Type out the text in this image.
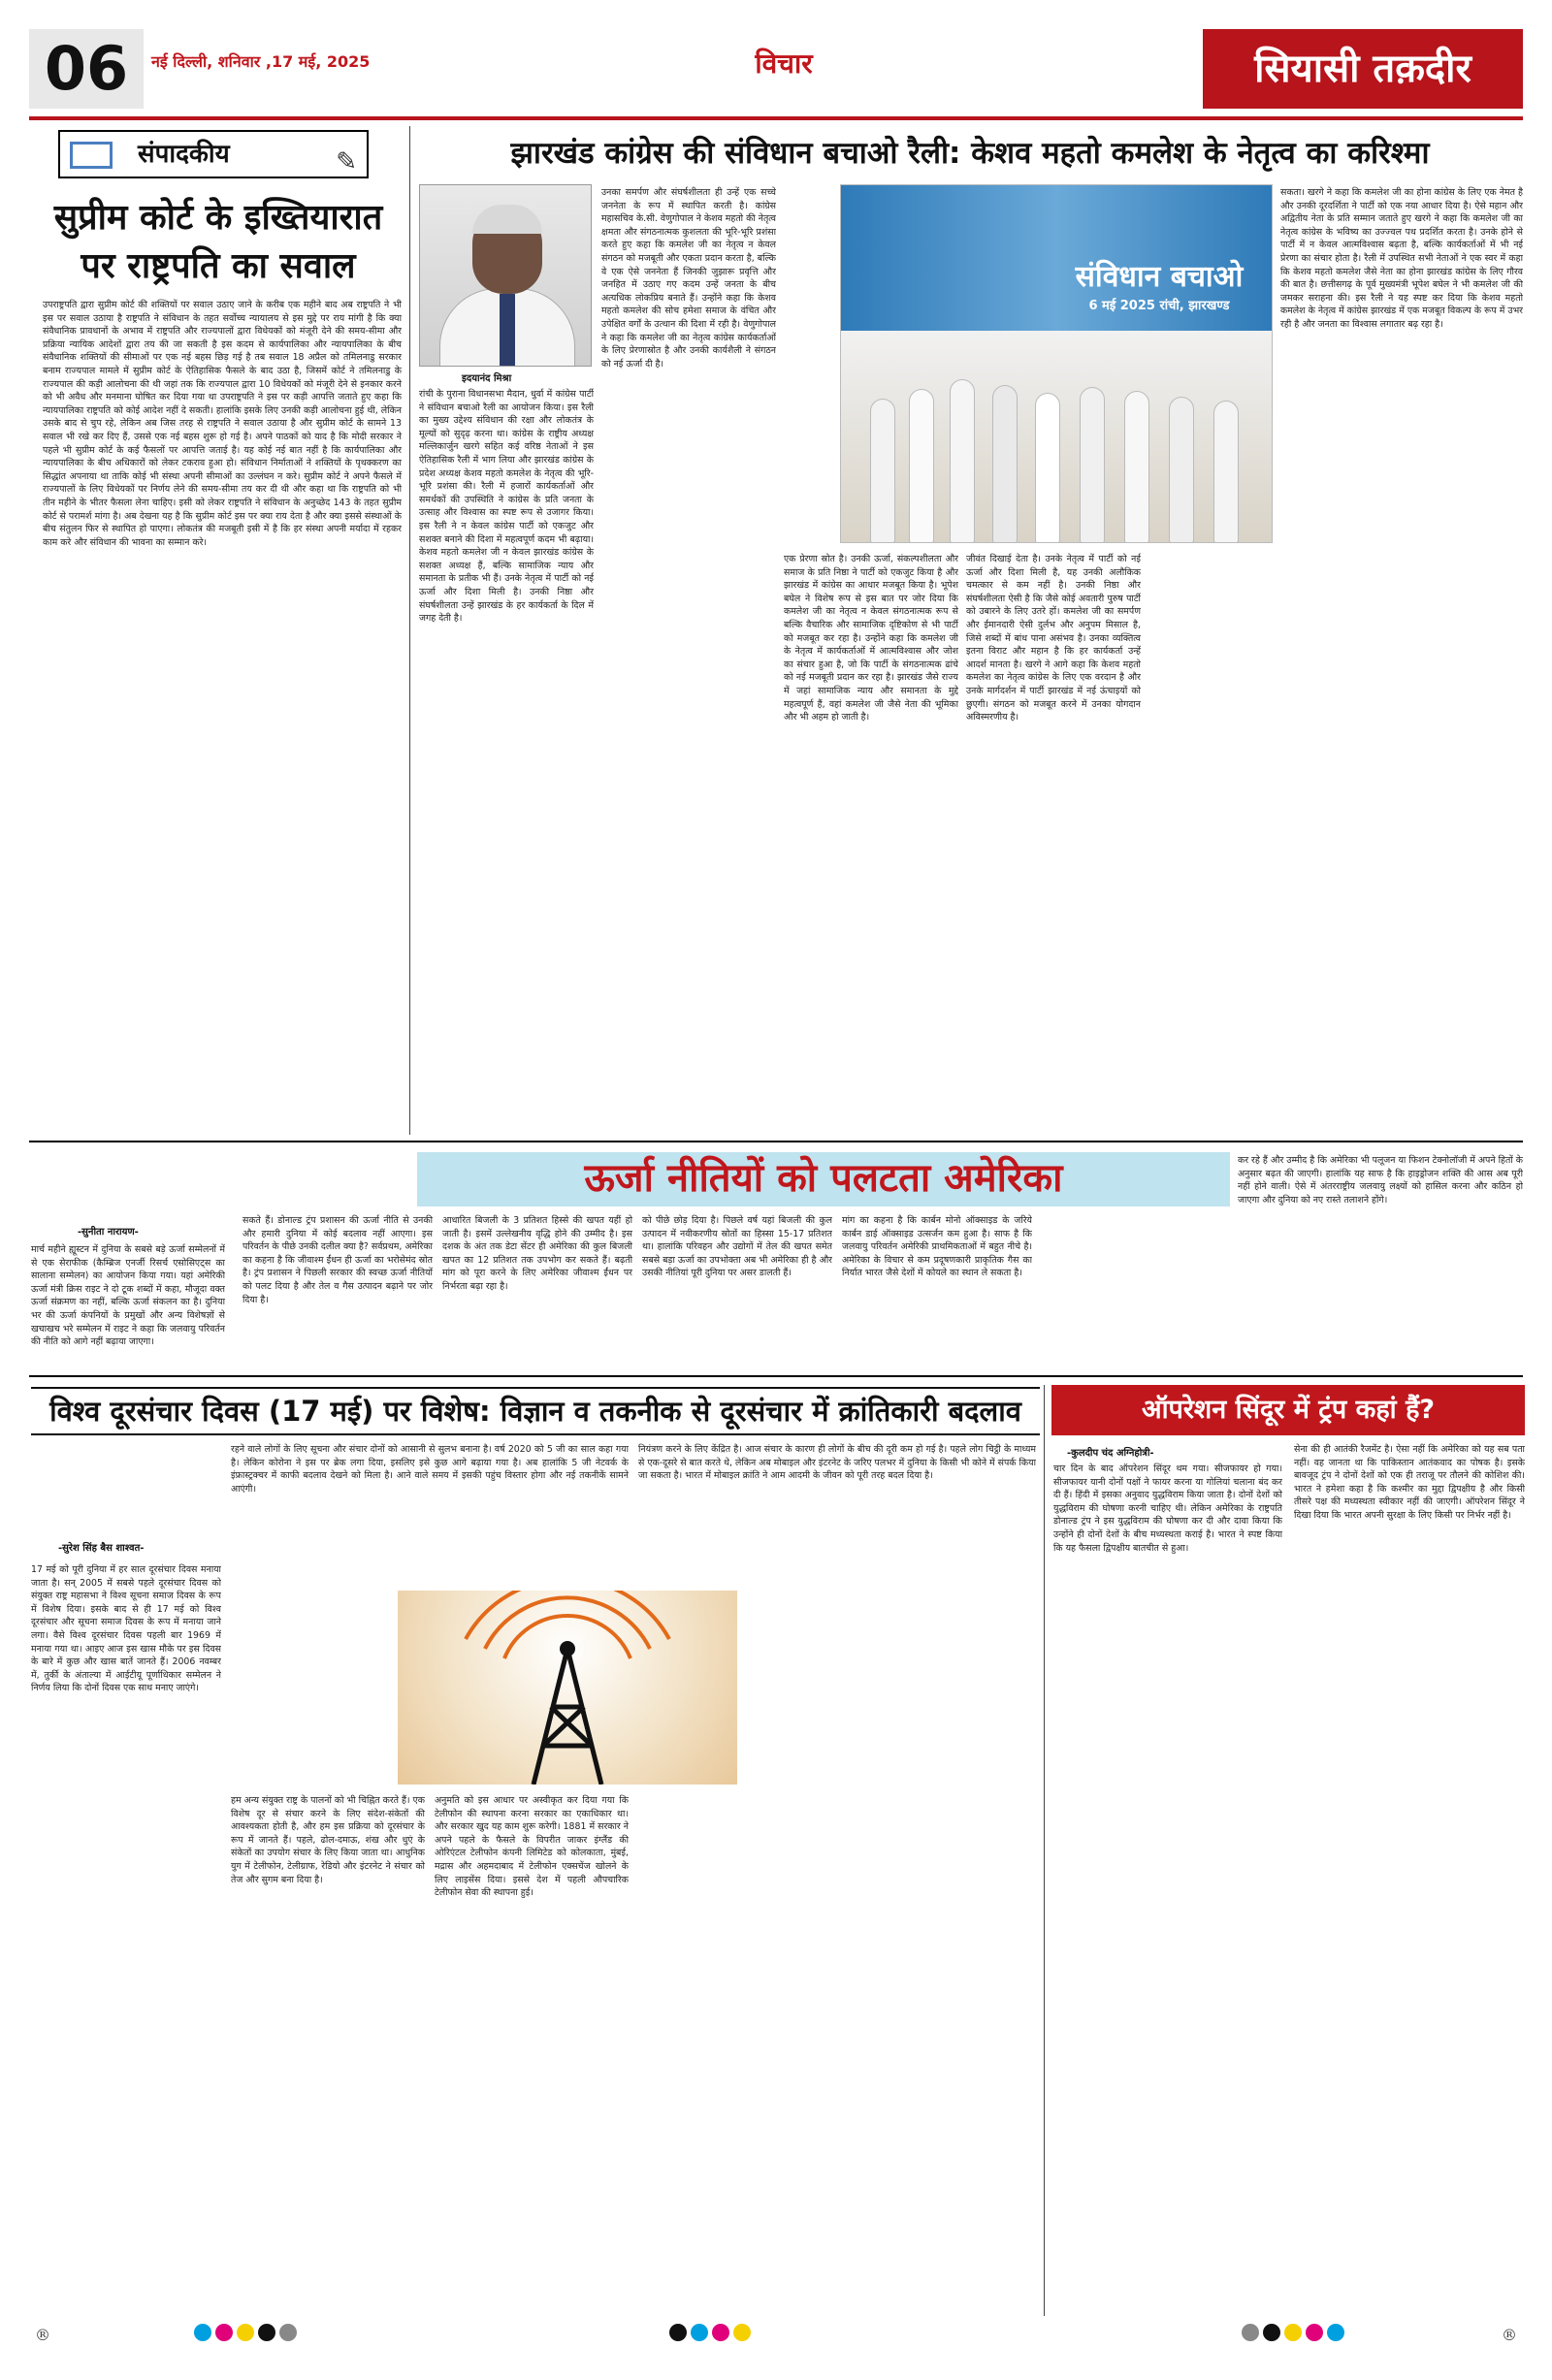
06	नई दिल्ली, शनिवार ,17 मई, 2025	विचार	सियासी तक़दीर
संपादकीय	✎
सुप्रीम कोर्ट के इख्तियारात पर राष्ट्रपति का सवाल
उपराष्ट्रपति द्वारा सुप्रीम कोर्ट की शक्तियों पर सवाल उठाए जाने के करीब एक महीने बाद अब राष्ट्रपति ने भी इस पर सवाल उठाया है राष्ट्रपति ने संविधान के तहत सर्वोच्च न्यायालय से इस मुद्दे पर राय मांगी है कि क्या संवैधानिक प्रावधानों के अभाव में राष्ट्रपति और राज्यपालों द्वारा विधेयकों को मंजूरी देने की समय-सीमा और प्रक्रिया न्यायिक आदेशों द्वारा तय की जा सकती है इस कदम से कार्यपालिका और न्यायपालिका के बीच संवैधानिक शक्तियों की सीमाओं पर एक नई बहस छिड़ गई है तब सवाल 18 अप्रैल को तमिलनाडु सरकार बनाम राज्यपाल मामले में सुप्रीम कोर्ट के ऐतिहासिक फैसले के बाद उठा है, जिसमें कोर्ट ने तमिलनाडु के राज्यपाल की कड़ी आलोचना की थी जहां तक कि राज्यपाल द्वारा 10 विधेयकों को मंजूरी देने से इनकार करने को भी अवैध और मनमाना घोषित कर दिया गया था उपराष्ट्रपति ने इस पर कड़ी आपत्ति जताते हुए कहा कि न्यायपालिका राष्ट्रपति को कोई आदेश नहीं दे सकती। हालांकि इसके लिए उनकी कड़ी आलोचना हुई थी, लेकिन उसके बाद से चुप रहे, लेकिन अब जिस तरह से राष्ट्रपति ने सवाल उठाया है और सुप्रीम कोर्ट के सामने 13 सवाल भी रखे कर दिए हैं, उससे एक नई बहस शुरू हो गई है। अपने पाठकों को याद है कि मोदी सरकार ने पहले भी सुप्रीम कोर्ट के कई फैसलों पर आपत्ति जताई है। यह कोई नई बात नहीं है कि कार्यपालिका और न्यायपालिका के बीच अधिकारों को लेकर टकराव हुआ हो। संविधान निर्माताओं ने शक्तियों के पृथक्करण का सिद्धांत अपनाया था ताकि कोई भी संस्था अपनी सीमाओं का उल्लंघन न करे। सुप्रीम कोर्ट ने अपने फैसले में राज्यपालों के लिए विधेयकों पर निर्णय लेने की समय-सीमा तय कर दी थी और कहा था कि राष्ट्रपति को भी तीन महीने के भीतर फैसला लेना चाहिए। इसी को लेकर राष्ट्रपति ने संविधान के अनुच्छेद 143 के तहत सुप्रीम कोर्ट से परामर्श मांगा है। अब देखना यह है कि सुप्रीम कोर्ट इस पर क्या राय देता है और क्या इससे संस्थाओं के बीच संतुलन फिर से स्थापित हो पाएगा। लोकतंत्र की मजबूती इसी में है कि हर संस्था अपनी मर्यादा में रहकर काम करे और संविधान की भावना का सम्मान करे।
झारखंड कांग्रेस की संविधान बचाओ रैली: केशव महतो कमलेश के नेतृत्व का करिश्मा
इदयानंद मिश्रा
रांची के पुराना विधानसभा मैदान, धुर्वा में कांग्रेस पार्टी ने संविधान बचाओ रैली का आयोजन किया। इस रैली का मुख्य उद्देश्य संविधान की रक्षा और लोकतंत्र के मूल्यों को सुदृढ़ करना था। कांग्रेस के राष्ट्रीय अध्यक्ष मल्लिकार्जुन खरगे सहित कई वरिष्ठ नेताओं ने इस ऐतिहासिक रैली में भाग लिया और झारखंड कांग्रेस के प्रदेश अध्यक्ष केशव महतो कमलेश के नेतृत्व की भूरि-भूरि प्रशंसा की। रैली में हजारों कार्यकर्ताओं और समर्थकों की उपस्थिति ने कांग्रेस के प्रति जनता के उत्साह और विश्वास का स्पष्ट रूप से उजागर किया। इस रैली ने न केवल कांग्रेस पार्टी को एकजुट और सशक्त बनाने की दिशा में महत्वपूर्ण कदम भी बढ़ाया। केशव महतो कमलेश जी न केवल झारखंड कांग्रेस के सशक्त अध्यक्ष हैं, बल्कि सामाजिक न्याय और समानता के प्रतीक भी हैं। उनके नेतृत्व में पार्टी को नई ऊर्जा और दिशा मिली है। उनकी निष्ठा और संघर्षशीलता उन्हें झारखंड के हर कार्यकर्ता के दिल में जगह देती है।
उनका समर्पण और संघर्षशीलता ही उन्हें एक सच्चे जननेता के रूप में स्थापित करती है। कांग्रेस महासचिव के.सी. वेणुगोपाल ने केशव महतो की नेतृत्व क्षमता और संगठनात्मक कुशलता की भूरि-भूरि प्रशंसा करते हुए कहा कि कमलेश जी का नेतृत्व न केवल संगठन को मजबूती और एकता प्रदान करता है, बल्कि वे एक ऐसे जननेता हैं जिनकी जुझारू प्रवृत्ति और जनहित में उठाए गए कदम उन्हें जनता के बीच अत्यधिक लोकप्रिय बनाते हैं। उन्होंने कहा कि केशव महतो कमलेश की सोच हमेशा समाज के वंचित और उपेक्षित वर्गों के उत्थान की दिशा में रही है। वेणुगोपाल ने कहा कि कमलेश जी का नेतृत्व कांग्रेस कार्यकर्ताओं के लिए प्रेरणास्रोत है और उनकी कार्यशैली ने संगठन को नई ऊर्जा दी है।
संविधान बचाओ
6 मई 2025 रांची, झारखण्ड
एक प्रेरणा स्रोत है। उनकी ऊर्जा, संकल्पशीलता और समाज के प्रति निष्ठा ने पार्टी को एकजुट किया है और झारखंड में कांग्रेस का आधार मजबूत किया है। भूपेश बघेल ने विशेष रूप से इस बात पर जोर दिया कि कमलेश जी का नेतृत्व न केवल संगठनात्मक रूप से बल्कि वैचारिक और सामाजिक दृष्टिकोण से भी पार्टी को मजबूत कर रहा है। उन्होंने कहा कि कमलेश जी के नेतृत्व में कार्यकर्ताओं में आत्मविश्वास और जोश का संचार हुआ है, जो कि पार्टी के संगठनात्मक ढांचे को नई मजबूती प्रदान कर रहा है। झारखंड जैसे राज्य में जहां सामाजिक न्याय और समानता के मुद्दे महत्वपूर्ण हैं, वहां कमलेश जी जैसे नेता की भूमिका और भी अहम हो जाती है।
जीवंत दिखाई देता है। उनके नेतृत्व में पार्टी को नई ऊर्जा और दिशा मिली है, यह उनकी अलौकिक चमत्कार से कम नहीं है। उनकी निष्ठा और संघर्षशीलता ऐसी है कि जैसे कोई अवतारी पुरुष पार्टी को उबारने के लिए उतरे हों। कमलेश जी का समर्पण और ईमानदारी ऐसी दुर्लभ और अनुपम मिसाल है, जिसे शब्दों में बांध पाना असंभव है। उनका व्यक्तित्व इतना विराट और महान है कि हर कार्यकर्ता उन्हें आदर्श मानता है। खरगे ने आगे कहा कि केशव महतो कमलेश का नेतृत्व कांग्रेस के लिए एक वरदान है और उनके मार्गदर्शन में पार्टी झारखंड में नई ऊंचाइयों को छुएगी। संगठन को मजबूत करने में उनका योगदान अविस्मरणीय है।
सकता। खरगे ने कहा कि कमलेश जी का होना कांग्रेस के लिए एक नेमत है और उनकी दूरदर्शिता ने पार्टी को एक नया आधार दिया है। ऐसे महान और अद्वितीय नेता के प्रति सम्मान जताते हुए खरगे ने कहा कि कमलेश जी का नेतृत्व कांग्रेस के भविष्य का उज्ज्वल पथ प्रदर्शित करता है। उनके होने से पार्टी में न केवल आत्मविश्वास बढ़ता है, बल्कि कार्यकर्ताओं में भी नई प्रेरणा का संचार होता है। रैली में उपस्थित सभी नेताओं ने एक स्वर में कहा कि केशव महतो कमलेश जैसे नेता का होना झारखंड कांग्रेस के लिए गौरव की बात है। छत्तीसगढ़ के पूर्व मुख्यमंत्री भूपेश बघेल ने भी कमलेश जी की जमकर सराहना की। इस रैली ने यह स्पष्ट कर दिया कि केशव महतो कमलेश के नेतृत्व में कांग्रेस झारखंड में एक मजबूत विकल्प के रूप में उभर रही है और जनता का विश्वास लगातार बढ़ रहा है।
ऊर्जा नीतियों को पलटता अमेरिका
-सुनीता नारायण-
मार्च महीने ह्यूस्टन में दुनिया के सबसे बड़े ऊर्जा सम्मेलनों में से एक सेराफीक (कैम्ब्रिज एनर्जी रिसर्च एसोसिएट्स का सालाना सम्मेलन) का आयोजन किया गया। यहां अमेरिकी ऊर्जा मंत्री क्रिस राइट ने दो टूक शब्दों में कहा, मौजूदा वक्त ऊर्जा संक्रमण का नहीं, बल्कि ऊर्जा संकलन का है। दुनिया भर की ऊर्जा कंपनियों के प्रमुखों और अन्य विशेषज्ञों से खचाखच भरे सम्मेलन में राइट ने कहा कि जलवायु परिवर्तन की नीति को आगे नहीं बढ़ाया जाएगा।
सकते हैं। डोनाल्ड ट्रंप प्रशासन की ऊर्जा नीति से उनकी और हमारी दुनिया में कोई बदलाव नहीं आएगा। इस परिवर्तन के पीछे उनकी दलील क्या है? सर्वप्रथम, अमेरिका का कहना है कि जीवाश्म ईंधन ही ऊर्जा का भरोसेमंद स्रोत है। ट्रंप प्रशासन ने पिछली सरकार की स्वच्छ ऊर्जा नीतियों को पलट दिया है और तेल व गैस उत्पादन बढ़ाने पर जोर दिया है।
आधारित बिजली के 3 प्रतिशत हिस्से की खपत यहीं हो जाती है। इसमें उल्लेखनीय वृद्धि होने की उम्मीद है। इस दशक के अंत तक डेटा सेंटर ही अमेरिका की कुल बिजली खपत का 12 प्रतिशत तक उपभोग कर सकते हैं। बढ़ती मांग को पूरा करने के लिए अमेरिका जीवाश्म ईंधन पर निर्भरता बढ़ा रहा है।
को पीछे छोड़ दिया है। पिछले वर्ष यहां बिजली की कुल उत्पादन में नवीकरणीय स्रोतों का हिस्सा 15-17 प्रतिशत था। हालांकि परिवहन और उद्योगों में तेल की खपत समेत सबसे बड़ा ऊर्जा का उपभोक्ता अब भी अमेरिका ही है और उसकी नीतियां पूरी दुनिया पर असर डालती हैं।
मांग का कहना है कि कार्बन मोनो ऑक्साइड के जरिये कार्बन डाई ऑक्साइड उत्सर्जन कम हुआ है। साफ है कि जलवायु परिवर्तन अमेरिकी प्राथमिकताओं में बहुत नीचे है। अमेरिका के विचार से कम प्रदूषणकारी प्राकृतिक गैस का निर्यात भारत जैसे देशों में कोयले का स्थान ले सकता है।
कर रहे हैं और उम्मीद है कि अमेरिका भी पलूजन या फिशन टेक्नोलॉजी में अपने हितों के अनुसार बढ़त की जाएगी। हालांकि यह साफ है कि हाइड्रोजन शक्ति की आस अब पूरी नहीं होने वाली। ऐसे में अंतरराष्ट्रीय जलवायु लक्ष्यों को हासिल करना और कठिन हो जाएगा और दुनिया को नए रास्ते तलाशने होंगे।
विश्व दूरसंचार दिवस (17 मई) पर विशेष: विज्ञान व तकनीक से दूरसंचार में क्रांतिकारी बदलाव
-सुरेश सिंह बैस शाश्वत-
17 मई को पूरी दुनिया में हर साल दूरसंचार दिवस मनाया जाता है। सन् 2005 में सबसे पहले दूरसंचार दिवस को संयुक्त राष्ट्र महासभा ने विश्व सूचना समाज दिवस के रूप में विशेष दिया। इसके बाद से ही 17 मई को विश्व दूरसंचार और सूचना समाज दिवस के रूप में मनाया जाने लगा। वैसे विश्व दूरसंचार दिवस पहली बार 1969 में मनाया गया था। आइए आज इस खास मौके पर इस दिवस के बारे में कुछ और खास बातें जानते हैं। 2006 नवम्बर में, तुर्की के अंताल्या में आईटीयू पूर्णाधिकार सम्मेलन ने निर्णय लिया कि दोनों दिवस एक साथ मनाए जाएंगे।
रहने वाले लोगों के लिए सूचना और संचार दोनों को आसानी से सुलभ बनाना है। वर्ष 2020 को 5 जी का साल कहा गया है। लेकिन कोरोना ने इस पर ब्रेक लगा दिया, इसलिए इसे कुछ आगे बढ़ाया गया है। अब हालांकि 5 जी नेटवर्क के इंफ्रास्ट्रक्चर में काफी बदलाव देखने को मिला है। आने वाले समय में इसकी पहुंच विस्तार होगा और नई तकनीकें सामने आएंगी।
हम अन्य संयुक्त राष्ट्र के पालनों को भी चिह्नित करते हैं। एक विशेष दूर से संचार करने के लिए संदेश-संकेतों की आवश्यकता होती है, और हम इस प्रक्रिया को दूरसंचार के रूप में जानते हैं। पहले, ढोल-दमाऊ, शंख और धुएं के संकेतों का उपयोग संचार के लिए किया जाता था। आधुनिक युग में टेलीफोन, टेलीग्राफ, रेडियो और इंटरनेट ने संचार को तेज और सुगम बना दिया है।
अनुमति को इस आधार पर अस्वीकृत कर दिया गया कि टेलीफोन की स्थापना करना सरकार का एकाधिकार था। और सरकार खुद यह काम शुरू करेगी। 1881 में सरकार ने अपने पहले के फैसले के विपरीत जाकर इंग्लैंड की ओरिएंटल टेलीफोन कंपनी लिमिटेड को कोलकाता, मुंबई, मद्रास और अहमदाबाद में टेलीफोन एक्सचेंज खोलने के लिए लाइसेंस दिया। इससे देश में पहली औपचारिक टेलीफोन सेवा की स्थापना हुई।
नियंत्रण करने के लिए केंद्रित है। आज संचार के कारण ही लोगों के बीच की दूरी कम हो गई है। पहले लोग चिट्ठी के माध्यम से एक-दूसरे से बात करते थे, लेकिन अब मोबाइल और इंटरनेट के जरिए पलभर में दुनिया के किसी भी कोने में संपर्क किया जा सकता है। भारत में मोबाइल क्रांति ने आम आदमी के जीवन को पूरी तरह बदल दिया है।
ऑपरेशन सिंदूर में ट्रंप कहां हैं?
-कुलदीप चंद अग्निहोत्री-
चार दिन के बाद ऑपरेशन सिंदूर थम गया। सीजफायर हो गया। सीजफायर यानी दोनों पक्षों ने फायर करना या गोलियां चलाना बंद कर दी हैं। हिंदी में इसका अनुवाद युद्धविराम किया जाता है। दोनों देशों को युद्धविराम की घोषणा करनी चाहिए थी। लेकिन अमेरिका के राष्ट्रपति डोनाल्ड ट्रंप ने इस युद्धविराम की घोषणा कर दी और दावा किया कि उन्होंने ही दोनों देशों के बीच मध्यस्थता कराई है। भारत ने स्पष्ट किया कि यह फैसला द्विपक्षीय बातचीत से हुआ।
सेना की ही आतंकी रैजमेंट है। ऐसा नहीं कि अमेरिका को यह सब पता नहीं। वह जानता था कि पाकिस्तान आतंकवाद का पोषक है। इसके बावजूद ट्रंप ने दोनों देशों को एक ही तराजू पर तौलने की कोशिश की। भारत ने हमेशा कहा है कि कश्मीर का मुद्दा द्विपक्षीय है और किसी तीसरे पक्ष की मध्यस्थता स्वीकार नहीं की जाएगी। ऑपरेशन सिंदूर ने दिखा दिया कि भारत अपनी सुरक्षा के लिए किसी पर निर्भर नहीं है।
®	®
